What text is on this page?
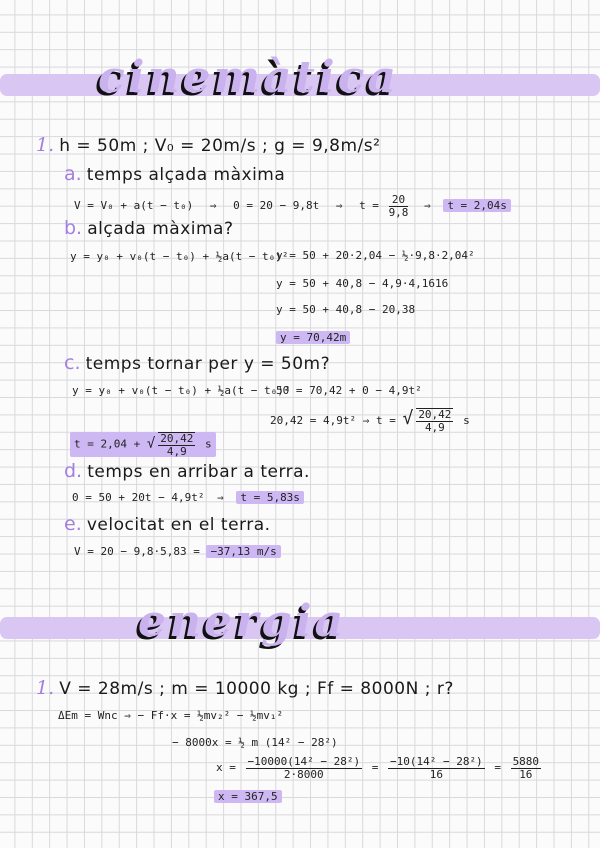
cinemàtica
1. h = 50m ; V₀ = 20m/s ; g = 9,8m/s²
a. temps alçada màxima
V = V₀ + a(t − t₀) ⇒ 0 = 20 − 9,8t ⇒ $t = \frac{20}{9,8}$ ⇒ t = 2,04s
b. alçada màxima?
y = y₀ + v₀(t − t₀) + ½a(t − t₀)²
y = 50 + 20·2,04 − ½·9,8·2,04²
y = 50 + 40,8 − 4,9·4,1616
y = 50 + 40,8 − 20,38
y = 70,42m
c. temps tornar per y = 50m?
y = y₀ + v₀(t − t₀) + ½a(t − t₀)²
50 = 70,42 + 0 − 4,9t²
20,42 = 4,9t² ⇒ t = √ $\frac{20,42}{4,9}$ s
t = 2,04 + √ $\frac{20,42}{4,9}$ s
d. temps en arribar a terra.
0 = 50 + 20t − 4,9t² ⇒ t = 5,83s
e. velocitat en el terra.
V = 20 − 9,8·5,83 = −37,13 m/s
energia
1. V = 28m/s ; m = 10000 kg ; Ff = 8000N ; r?
ΔEm = Wnc ⇒ − Ff·x = ½mv₂² − ½mv₁²
− 8000x = ½ m (14² − 28²)
$x = \frac{\text{−10000(14² − 28²)}}{2\cdot 8000} = \frac{\text{−10(14² − 28²)}}{16} = \frac{5880}{16}$
x = 367,5
